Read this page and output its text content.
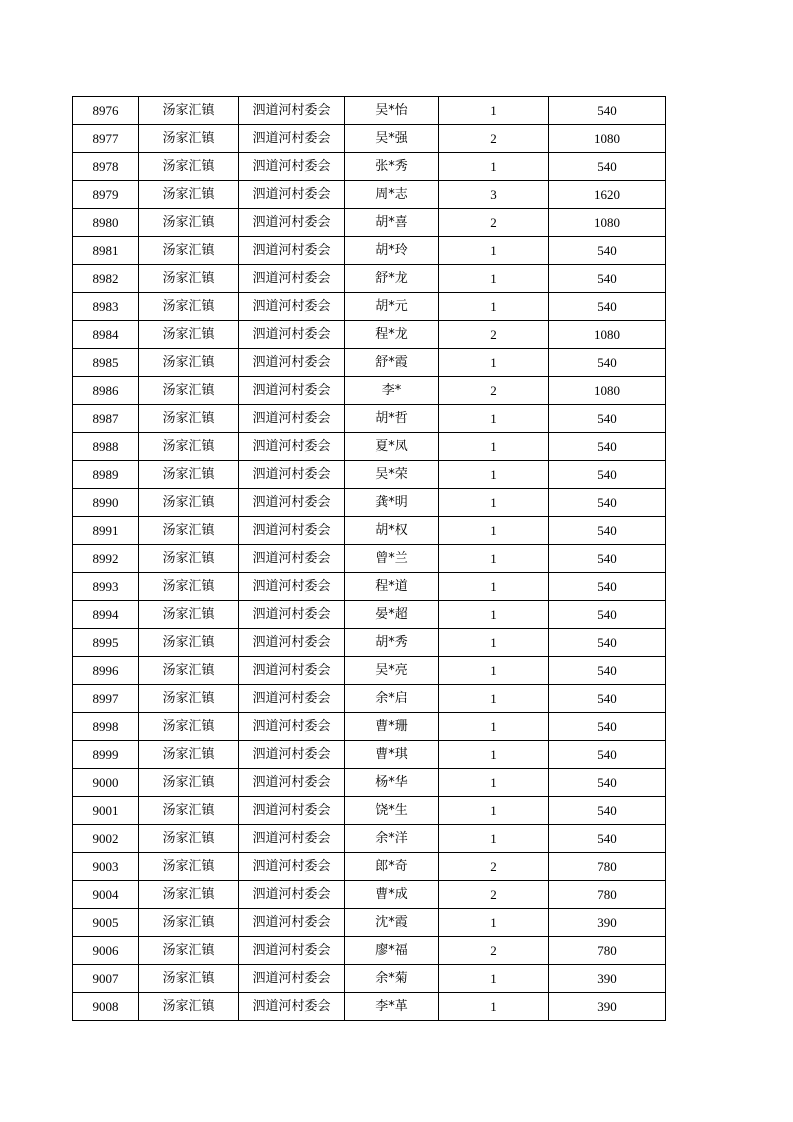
8976	汤家汇镇	泗道河村委会	吴*怡	1	540
8977	汤家汇镇	泗道河村委会	吴*强	2	1080
8978	汤家汇镇	泗道河村委会	张*秀	1	540
8979	汤家汇镇	泗道河村委会	周*志	3	1620
8980	汤家汇镇	泗道河村委会	胡*喜	2	1080
8981	汤家汇镇	泗道河村委会	胡*玲	1	540
8982	汤家汇镇	泗道河村委会	舒*龙	1	540
8983	汤家汇镇	泗道河村委会	胡*元	1	540
8984	汤家汇镇	泗道河村委会	程*龙	2	1080
8985	汤家汇镇	泗道河村委会	舒*霞	1	540
8986	汤家汇镇	泗道河村委会	李*	2	1080
8987	汤家汇镇	泗道河村委会	胡*哲	1	540
8988	汤家汇镇	泗道河村委会	夏*凤	1	540
8989	汤家汇镇	泗道河村委会	吴*荣	1	540
8990	汤家汇镇	泗道河村委会	龚*明	1	540
8991	汤家汇镇	泗道河村委会	胡*权	1	540
8992	汤家汇镇	泗道河村委会	曾*兰	1	540
8993	汤家汇镇	泗道河村委会	程*道	1	540
8994	汤家汇镇	泗道河村委会	晏*超	1	540
8995	汤家汇镇	泗道河村委会	胡*秀	1	540
8996	汤家汇镇	泗道河村委会	吴*亮	1	540
8997	汤家汇镇	泗道河村委会	余*启	1	540
8998	汤家汇镇	泗道河村委会	曹*珊	1	540
8999	汤家汇镇	泗道河村委会	曹*琪	1	540
9000	汤家汇镇	泗道河村委会	杨*华	1	540
9001	汤家汇镇	泗道河村委会	饶*生	1	540
9002	汤家汇镇	泗道河村委会	余*洋	1	540
9003	汤家汇镇	泗道河村委会	郎*奇	2	780
9004	汤家汇镇	泗道河村委会	曹*成	2	780
9005	汤家汇镇	泗道河村委会	沈*霞	1	390
9006	汤家汇镇	泗道河村委会	廖*福	2	780
9007	汤家汇镇	泗道河村委会	余*菊	1	390
9008	汤家汇镇	泗道河村委会	李*革	1	390
